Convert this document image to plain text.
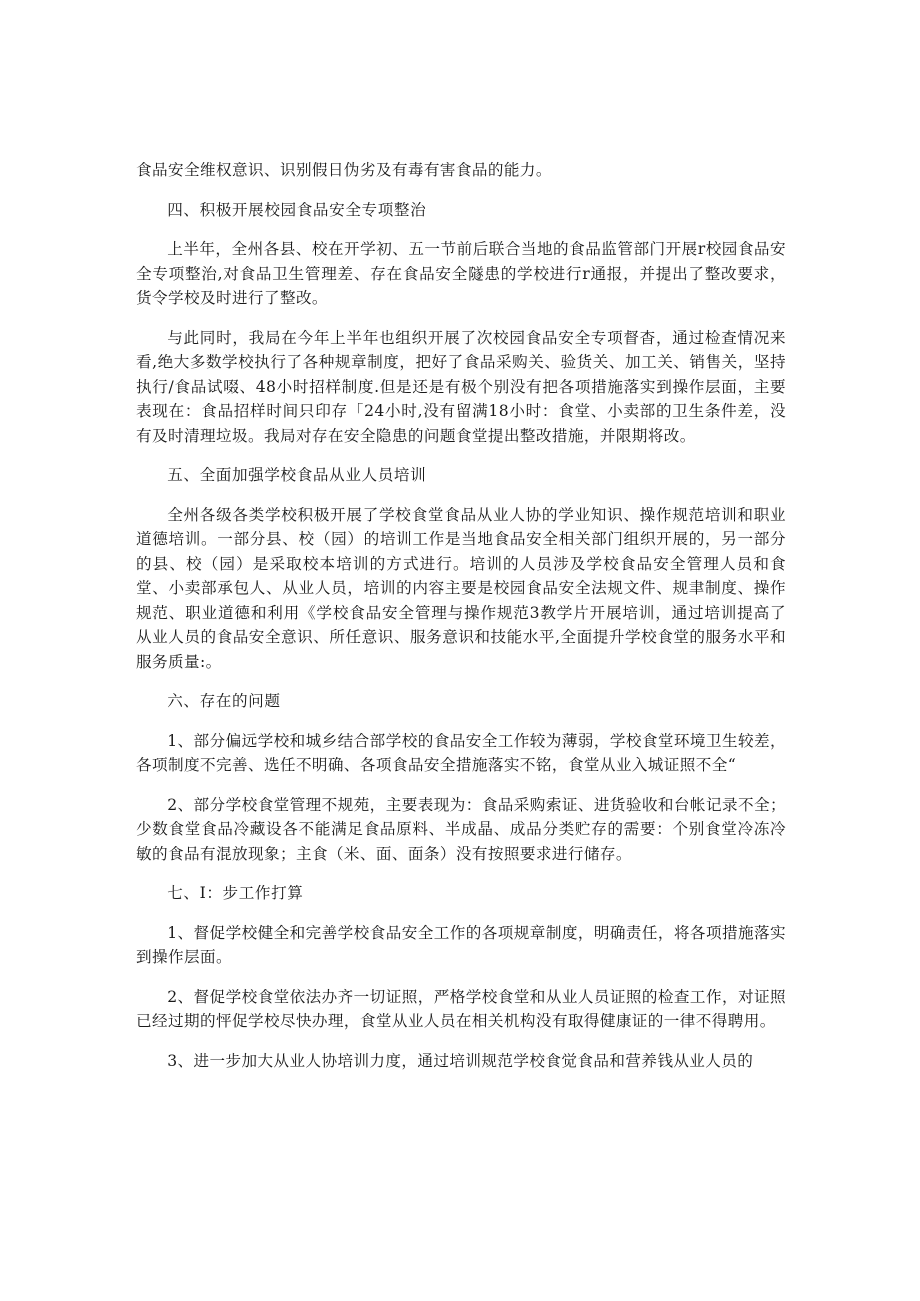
食品安全维权意识、识别假日伪劣及有毒有害食品的能力。

四、积极开展校园食品安全专项整治

上半年，全州各县、校在开学初、五一节前后联合当地的食品监管部门开展r校园食品安全专项整治,对食品卫生管理差、存在食品安全隧患的学校进行r通报，并提出了整改要求，货令学校及时进行了整改。

与此同时，我局在今年上半年也组织开展了次校园食品安全专项督杳，通过检查情况来看,绝大多数学校执行了各种规章制度，把好了食品采购关、验货关、加工关、销售关，坚持执行/食品试啜、48小时招样制度.但是还是有极个别没有把各项措施落实到操作层面，主要表现在：食品招样时间只印存「24小时,没有留满18小时：食堂、小卖部的卫生条件差，没有及时清理垃圾。我局对存在安全隐患的问题食堂提出整改措施，并限期将改。

五、全面加强学校食品从业人员培训

全州各级各类学校积极开展了学校食堂食品从业人协的学业知识、操作规范培训和职业道德培训。一部分县、校（园）的培训工作是当地食品安全相关部门组织开展的，另一部分的县、校（园）是采取校本培训的方式进行。培训的人员涉及学校食品安全管理人员和食堂、小卖部承包人、从业人员，培训的内容主要是校园食品安全法规文件、规聿制度、操作规范、职业道德和利用《学校食品安全管理与操作规范3教学片开展培训，通过培训提高了从业人员的食品安全意识、所任意识、服务意识和技能水平,全面提升学校食堂的服务水平和服务质量:。

六、存在的问题

1、部分偏远学校和城乡结合部学校的食品安全工作较为薄弱，学校食堂环境卫生较差，各项制度不完善、选任不明确、各项食品安全措施落实不铭，食堂从业入城证照不全“

2、部分学校食堂管理不规苑，主要表现为：食品采购索证、进货验收和台帐记录不全；少数食堂食品冷藏设各不能满足食品原料、半成晶、成品分类贮存的需要：个别食堂冷冻冷敏的食品有混放现象；主食（米、面、面条）没有按照要求进行储存。

七、I：步工作打算

1、督促学校健全和完善学校食品安全工作的各项规章制度，明确责任，将各项措施落实到操作层面。

2、督促学校食堂依法办齐一切证照，严格学校食堂和从业人员证照的检查工作，对证照已经过期的怦促学校尽快办理，食堂从业人员在相关机构没有取得健康证的一律不得聘用。

3、进一步加大从业人协培训力度，通过培训规范学校食觉食品和营养钱从业人员的
